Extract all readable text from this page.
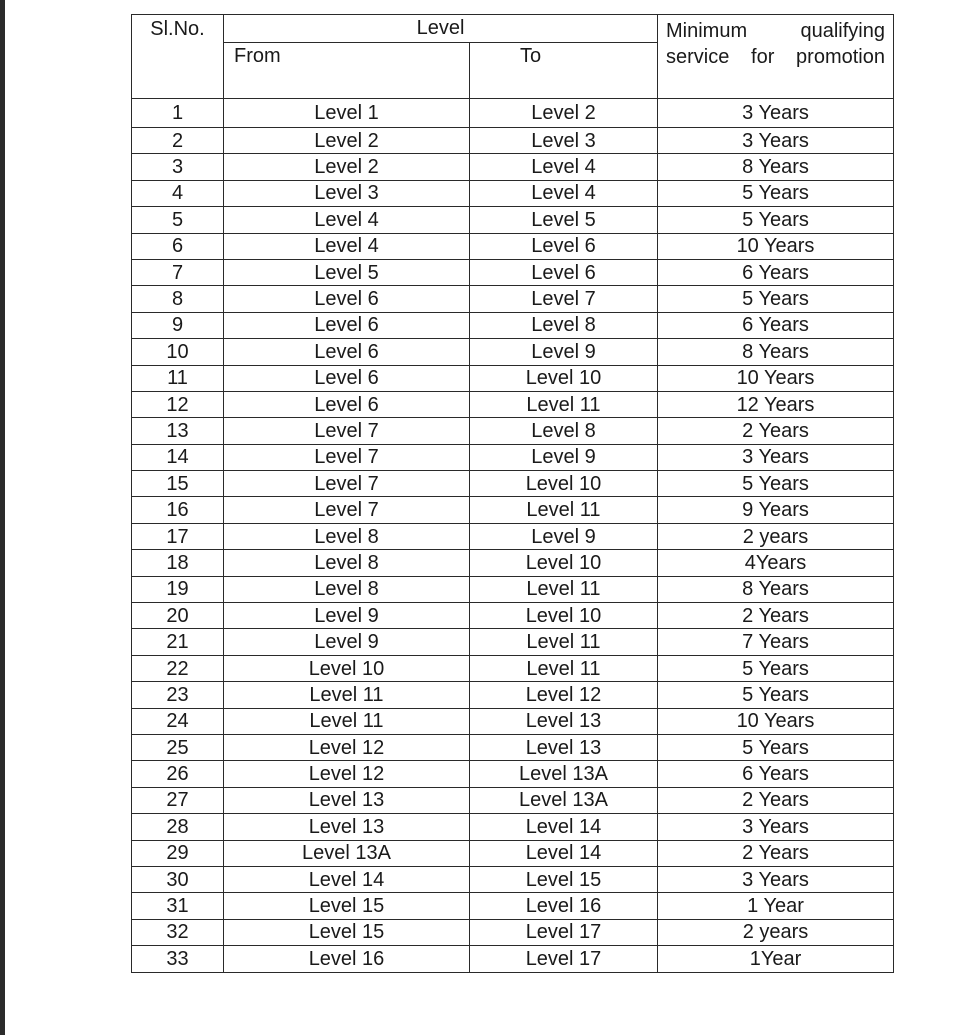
Sl.No.	Level		Minimum qualifying
service for promotion

	From	To	
1	Level 1	Level 2	3 Years
2	Level 2	Level 3	3 Years
3	Level 2	Level 4	8 Years
4	Level 3	Level 4	5 Years
5	Level 4	Level 5	5 Years
6	Level 4	Level 6	10 Years
7	Level 5	Level 6	6 Years
8	Level 6	Level 7	5 Years
9	Level 6	Level 8	6 Years
10	Level 6	Level 9	8 Years
11	Level 6	Level 10	10 Years
12	Level 6	Level 11	12 Years
13	Level 7	Level 8	2 Years
14	Level 7	Level 9	3 Years
15	Level 7	Level 10	5 Years
16	Level 7	Level 11	9 Years
17	Level 8	Level 9	2 years
18	Level 8	Level 10	4Years
19	Level 8	Level 11	8 Years
20	Level 9	Level 10	2 Years
21	Level 9	Level 11	7 Years
22	Level 10	Level 11	5 Years
23	Level 11	Level 12	5 Years
24	Level 11	Level 13	10 Years
25	Level 12	Level 13	5 Years
26	Level 12	Level 13A	6 Years
27	Level 13	Level 13A	2 Years
28	Level 13	Level 14	3 Years
29	Level 13A	Level 14	2 Years
30	Level 14	Level 15	3 Years
31	Level 15	Level 16	1 Year
32	Level 15	Level 17	2 years
33	Level 16	Level 17	1Year
